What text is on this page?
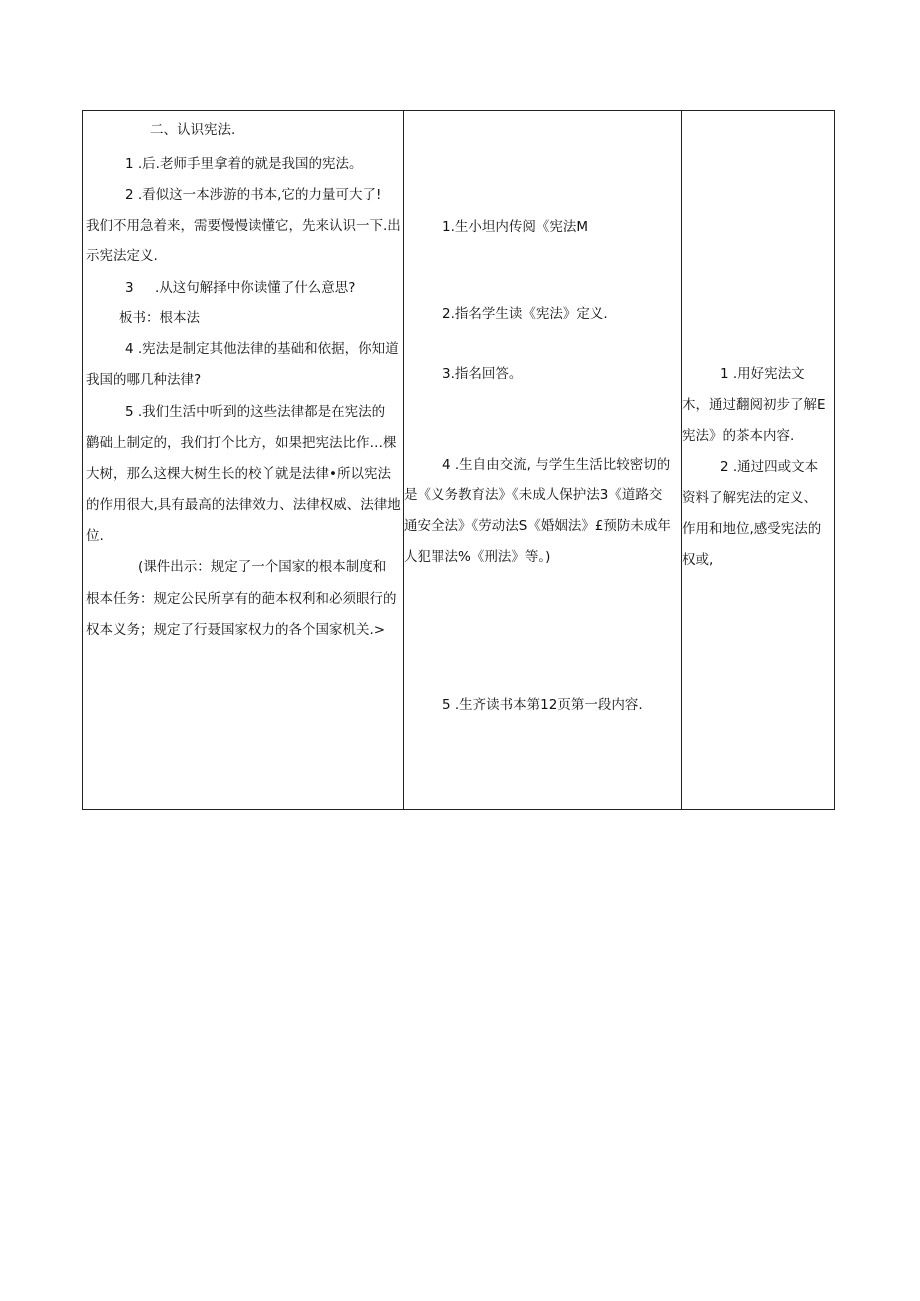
二、认识宪法.
1 .后.老师手里拿着的就是我国的宪法。
2 .看似这一本涉游的书本,它的力量可大了!
我们不用急着来，需要慢慢读懂它，先来认识一下.出
示宪法定义.
3 .从这句解择中你读懂了什么意思?
板书：根本法
4 .宪法是制定其他法律的基础和依据，你知道
我国的哪几种法律?
5 .我们生活中听到的这些法律都是在宪法的
鹳础上制定的，我们打个比方，如果把宪法比作…棵
大树，那么这棵大树生长的校丫就是法律•所以宪法
的作用很大,具有最高的法律效力、法律权威、法律地
位.
(课件出示：规定了一个国家的根本制度和
根本任务：规定公民所享有的葩本权利和必须眼行的
权本义务；规定了行聂国家权力的各个国家机关.>
1.生小坦内传阅《宪法M
2.指名学生读《宪法》定义.
3.指名回答。
4 .生自由交流, 与学生生活比较密切的
是《义务教育法》《未成人保护法3《道路交
通安全法》《劳动法S《婚姻法》£预防未成年
人犯罪法%《刑法》等。)
5 .生齐读书本第12页第一段内容.
1 .用好宪法文
木，通过翻阅初步了解E
宪法》的茶本内容.
2 .通过四或文本
资料了解宪法的定义、
作用和地位,感受宪法的
权或,
